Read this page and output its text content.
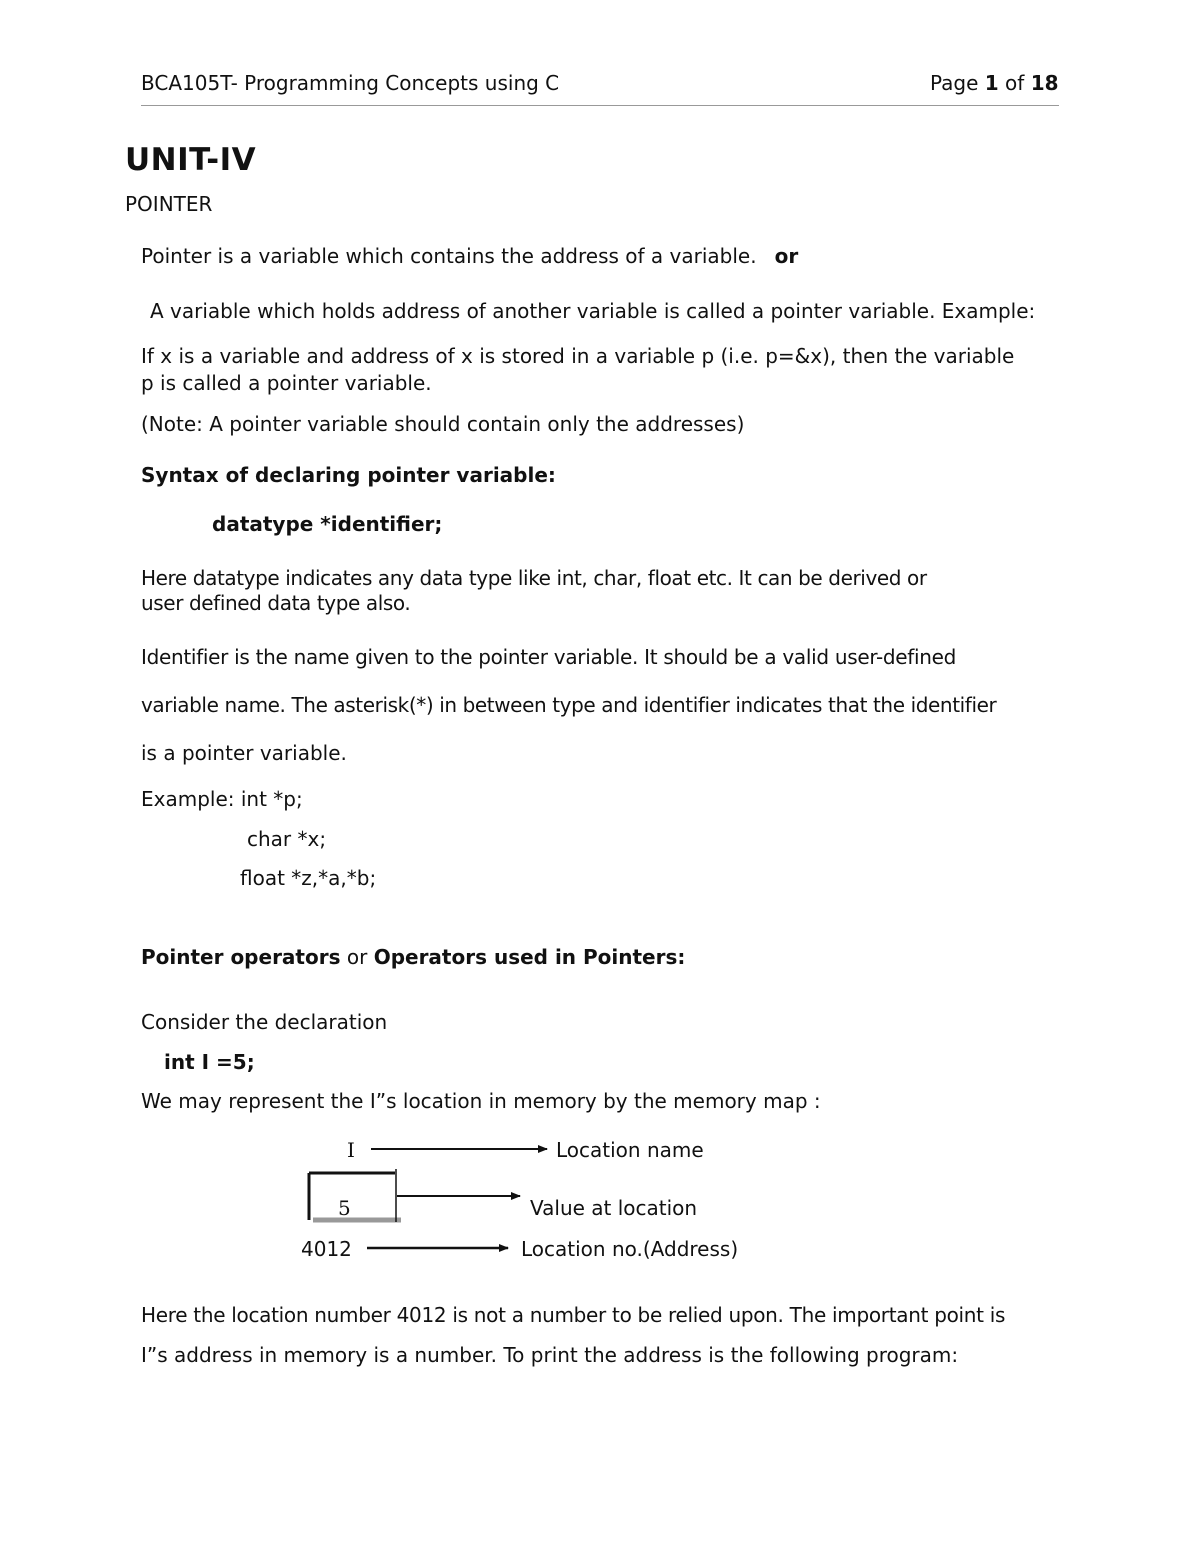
BCA105T- Programming Concepts using C	Page 1 of 18
UNIT-IV
POINTER
Pointer is a variable which contains the address of a variable. or
A variable which holds address of another variable is called a pointer variable. Example:
If x is a variable and address of x is stored in a variable p (i.e. p=&x), then the variable
p is called a pointer variable.
(Note: A pointer variable should contain only the addresses)
Syntax of declaring pointer variable:
datatype *identifier;
Here datatype indicates any data type like int, char, float etc. It can be derived or
user defined data type also.
Identifier is the name given to the pointer variable. It should be a valid user-defined
variable name. The asterisk(*) in between type and identifier indicates that the identifier
is a pointer variable.
Example: int *p;
char *x;
float *z,*a,*b;
Pointer operators or Operators used in Pointers:
Consider the declaration
int I =5;
We may represent the I”s location in memory by the memory map :
I	Location name
5	Value at location
4012	Location no.(Address)
Here the location number 4012 is not a number to be relied upon. The important point is
I”s address in memory is a number. To print the address is the following program:
